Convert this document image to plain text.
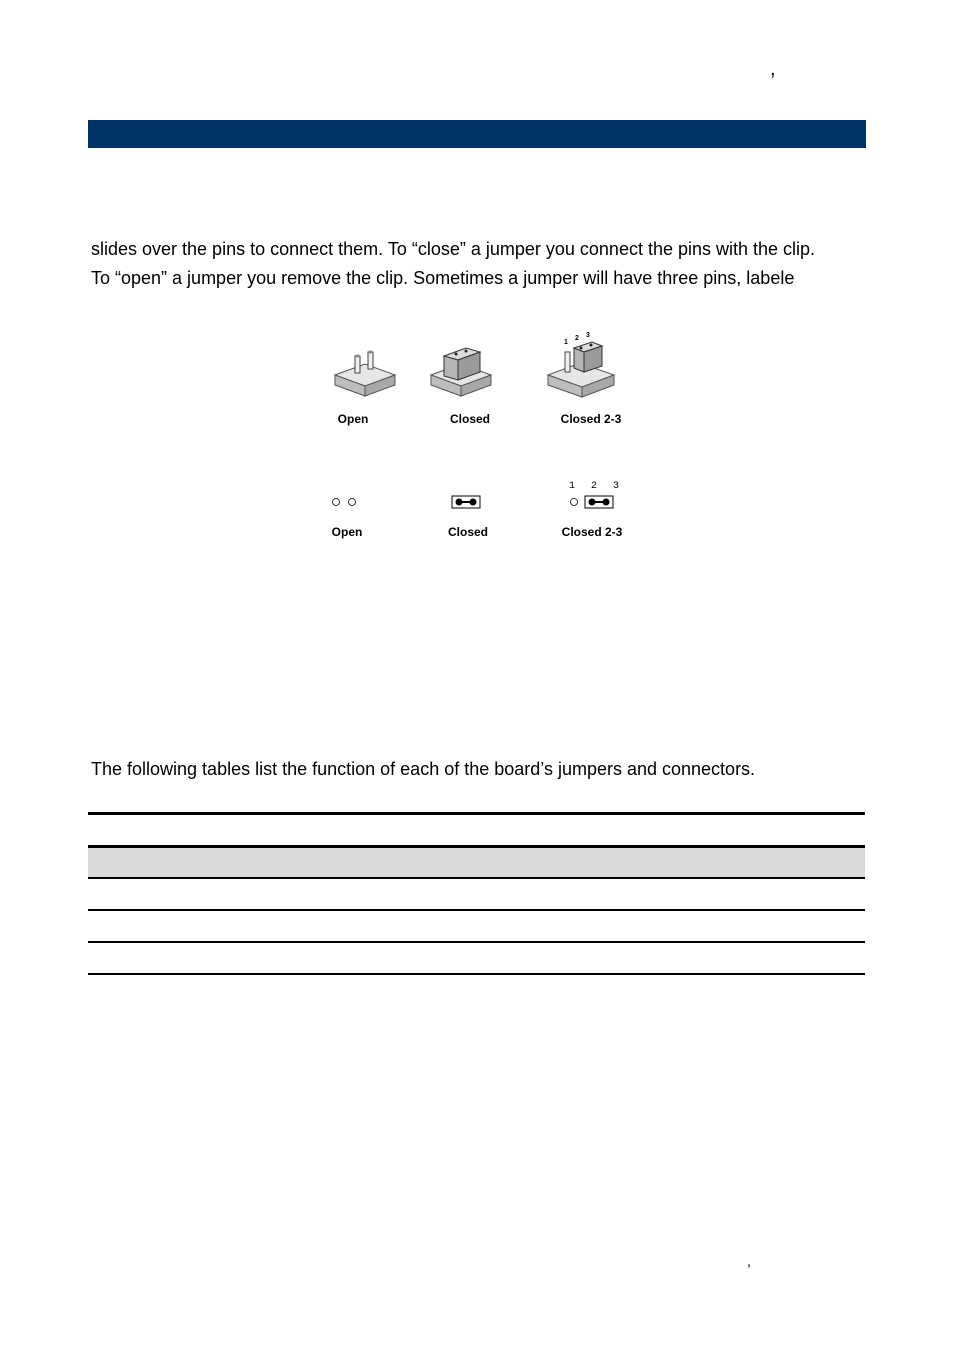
,
slides over the pins to connect them. To “close” a jumper you connect the pins with the clip.
To “open” a jumper you remove the clip. Sometimes a jumper will have three pins, labele
1
2 3
Open	Closed	Closed 2-3
1 2 3
Open	Closed	Closed 2-3
The following tables list the function of each of the board’s jumpers and connectors.
,
